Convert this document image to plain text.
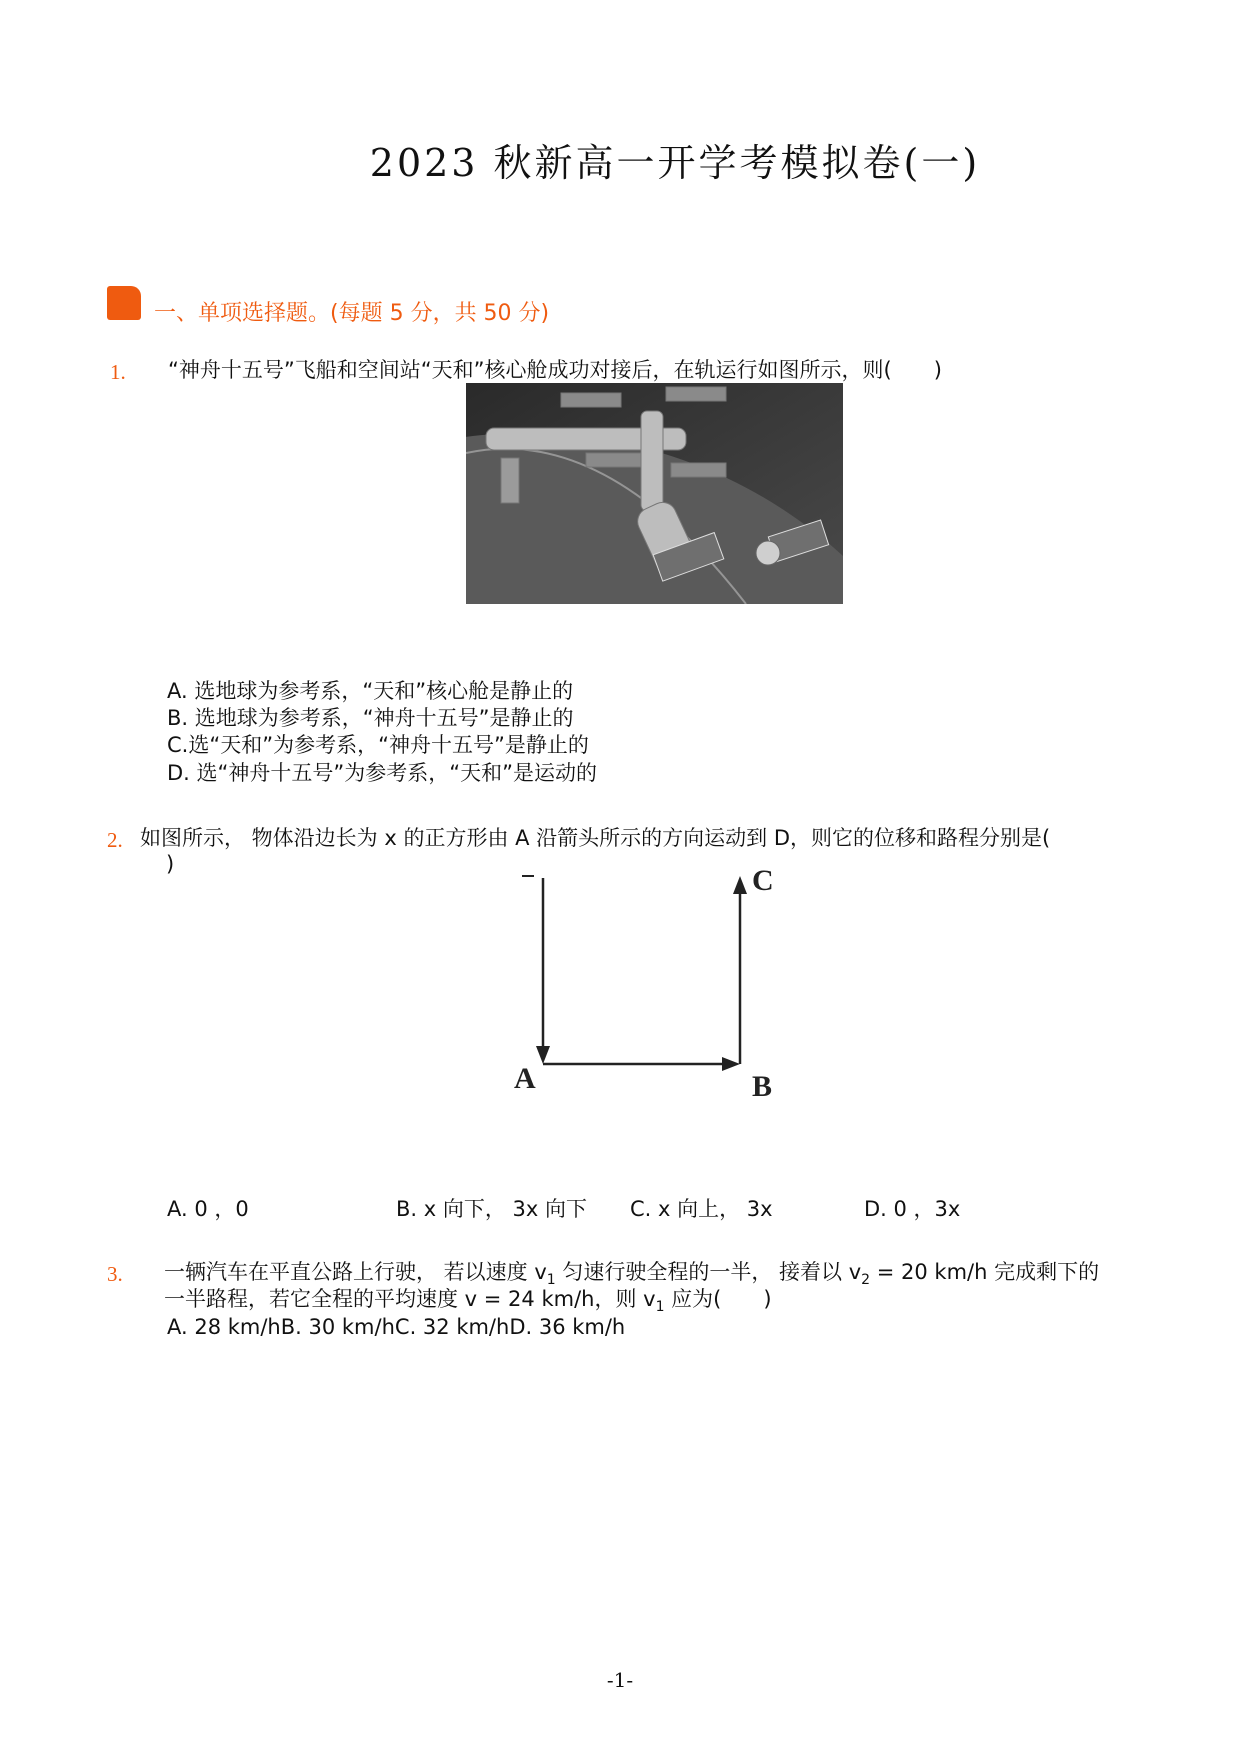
2023 秋新高一开学考模拟卷(一)
一、单项选择题。(每题 5 分，共 50 分)
1. “神舟十五号”飞船和空间站“天和”核心舱成功对接后，在轨运行如图所示，则(　　)
A. 选地球为参考系，“天和”核心舱是静止的
B. 选地球为参考系，“神舟十五号”是静止的
C.选“天和”为参考系，“神舟十五号”是静止的
D. 选“神舟十五号”为参考系，“天和”是运动的
2. 如图所示， 物体沿边长为 x 的正方形由 A 沿箭头所示的方向运动到 D，则它的位移和路程分别是(
)
A	B
C
A. 0 ，0	B. x 向下， 3x 向下 C. x 向上， 3x	D. 0 ，3x
3. 一辆汽车在平直公路上行驶， 若以速度 $v_1$ 匀速行驶全程的一半， 接着以 $v_2 = 20$ km/h 完成剩下的
一半路程，若它全程的平均速度 v = 24 km/h，则 $v_1$ 应为(　　)
A. 28 km/hB. 30 km/hC. 32 km/hD. 36 km/h
-1-
